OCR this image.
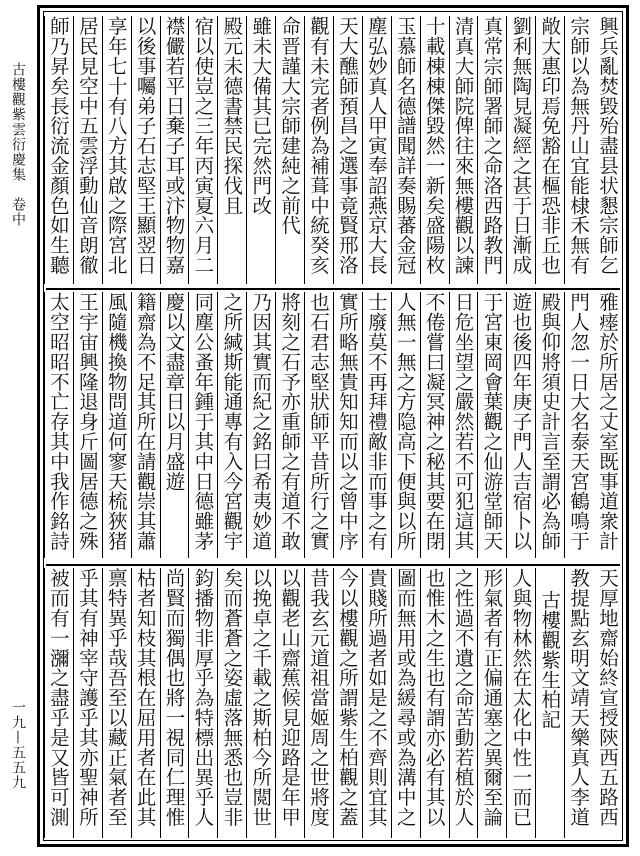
古樓觀紫雲衍慶集　卷中
一九—五五九
興兵亂焚毀殆盡县状懇宗師乞
宗師以為無丹山宜能棣禾無有
敞大惠印焉免豁在樞恐非丘也
劉利無陶見凝經之甚于日漸成
真常宗師署師之命洛西路教門
清真大師院俾往來無樓觀以諫
十載棟棟傑毀然一新矣盛陽枚
玉慕師名德譜聞詳奏賜蕃金冠
塵弘妙真人甲寅奉詔燕京大長
天大醮師預昌之選事竟賢邢洛
觀有未完者例為補葺中統癸亥
命晋謹大宗師建純之前代
雖未大備其已完然門改
殿元未德書禁民探伐且
宿以使豈之三年丙寅夏六月二
襟儼若平日棄子耳或汴物物嘉
以後事囑弟子石志堅王顯翌日
享年七十有八方其啟之際宮北
居民見空中五雲浮動仙音朗徹
師乃昇矣長衍流金顏色如生聽
雅瘗於所居之丈室既事道衆計
門人忽一日大名泰天宮鶴鳴于
殿與仰將須史計言至謂必為師
遊也後四年庚子門人吉宿卜以
于宮東岡會葉觀之仙游堂師天
日危坐望之嚴然若不可犯這其
不倦嘗曰凝冥神之秘其要在閉
人無一無之方隐高下便與以所
士廢莫不再拜禮敵非而事之有
實所略無貴知知而以之曾中序
也石君志堅狀師平昔所行之實
將刻之石予亦重師之有道不敢
乃因其實而紀之銘曰希夷妙道
之所緘斯能通專有入今宮觀宇
同塵公蚤年鍾于其中日德雖茅
慶以文盡章日以月盛遊
籍齋為不足其所在請觀崇其蕭
風隨機換物問道何寥天梳狹猪
王宇宙興隆退身斤圖居德之殊
太空昭昭不亡存其中我作銘詩
天厚地齋始終宣授陝西五路西
教提點玄明文靖天樂真人李道
古樓觀紫生柏記
人與物林然在太化中性一而已
形氣者有正偏通塞之異爾至論
之性過不遺之命苦動若植於人
也惟木之生也有謂亦必有其以
圖而無用或為緩尋或為溝中之
貴賤所過者如是之不齊則宜其
今以樓觀之所謂紫生柏觀之蓋
昔我玄元道祖當姬周之世將度
以觀老山齋蕉候見迎路是年甲
以挽卓之千載之斯柏今所閲世
矣而蒼蒼之姿虛落無悉也豈非
鈞播物非厚乎為特標出異乎人
尚賢而獨偶也將一視同仁理惟
枯者知枝其根在屈用者在此其
禀特異乎哉吾至以藏正氣者至
乎其有神宰守護乎其亦聖神所
被而有一瀰之盡乎是又皆可測
